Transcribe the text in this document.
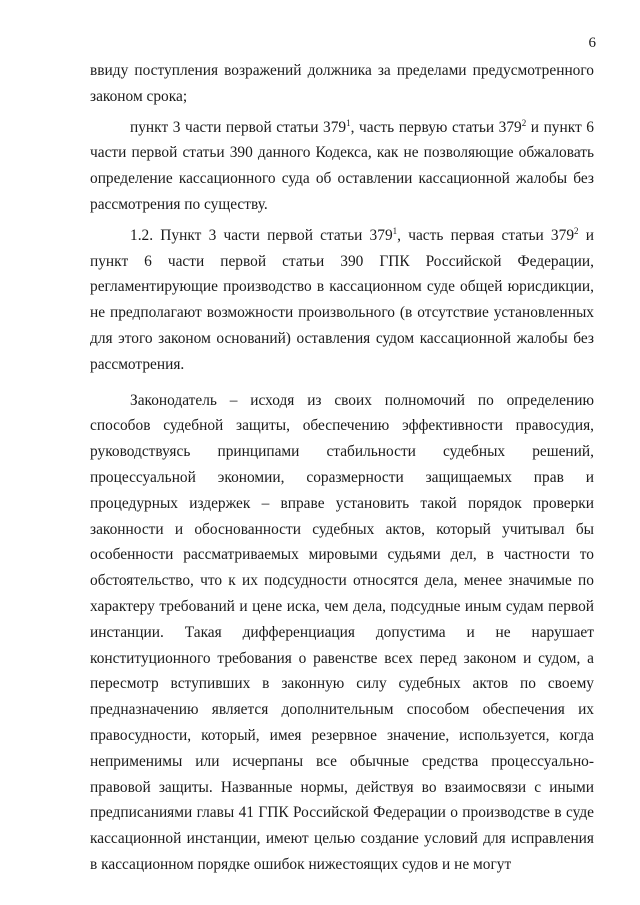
6

ввиду поступления возражений должника за пределами предусмотренного законом срока;

пункт 3 части первой статьи $379^1$, часть первую статьи $379^2$ и пункт 6 части первой статьи 390 данного Кодекса, как не позволяющие обжаловать определение кассационного суда об оставлении кассационной жалобы без рассмотрения по существу.

1.2. Пункт 3 части первой статьи $379^1$, часть первая статьи $379^2$ и пункт 6 части первой статьи 390 ГПК Российской Федерации, регламентирующие производство в кассационном суде общей юрисдикции, не предполагают возможности произвольного (в отсутствие установленных для этого законом оснований) оставления судом кассационной жалобы без рассмотрения.

Законодатель – исходя из своих полномочий по определению способов судебной защиты, обеспечению эффективности правосудия, руководствуясь принципами стабильности судебных решений, процессуальной экономии, соразмерности защищаемых прав и процедурных издержек – вправе установить такой порядок проверки законности и обоснованности судебных актов, который учитывал бы особенности рассматриваемых мировыми судьями дел, в частности то обстоятельство, что к их подсудности относятся дела, менее значимые по характеру требований и цене иска, чем дела, подсудные иным судам первой инстанции. Такая дифференциация допустима и не нарушает конституционного требования о равенстве всех перед законом и судом, а пересмотр вступивших в законную силу судебных актов по своему предназначению является дополнительным способом обеспечения их правосудности, который, имея резервное значение, используется, когда неприменимы или исчерпаны все обычные средства процессуально-правовой защиты. Названные нормы, действуя во взаимосвязи с иными предписаниями главы 41 ГПК Российской Федерации о производстве в суде кассационной инстанции, имеют целью создание условий для исправления в кассационном порядке ошибок нижестоящих судов и не могут
